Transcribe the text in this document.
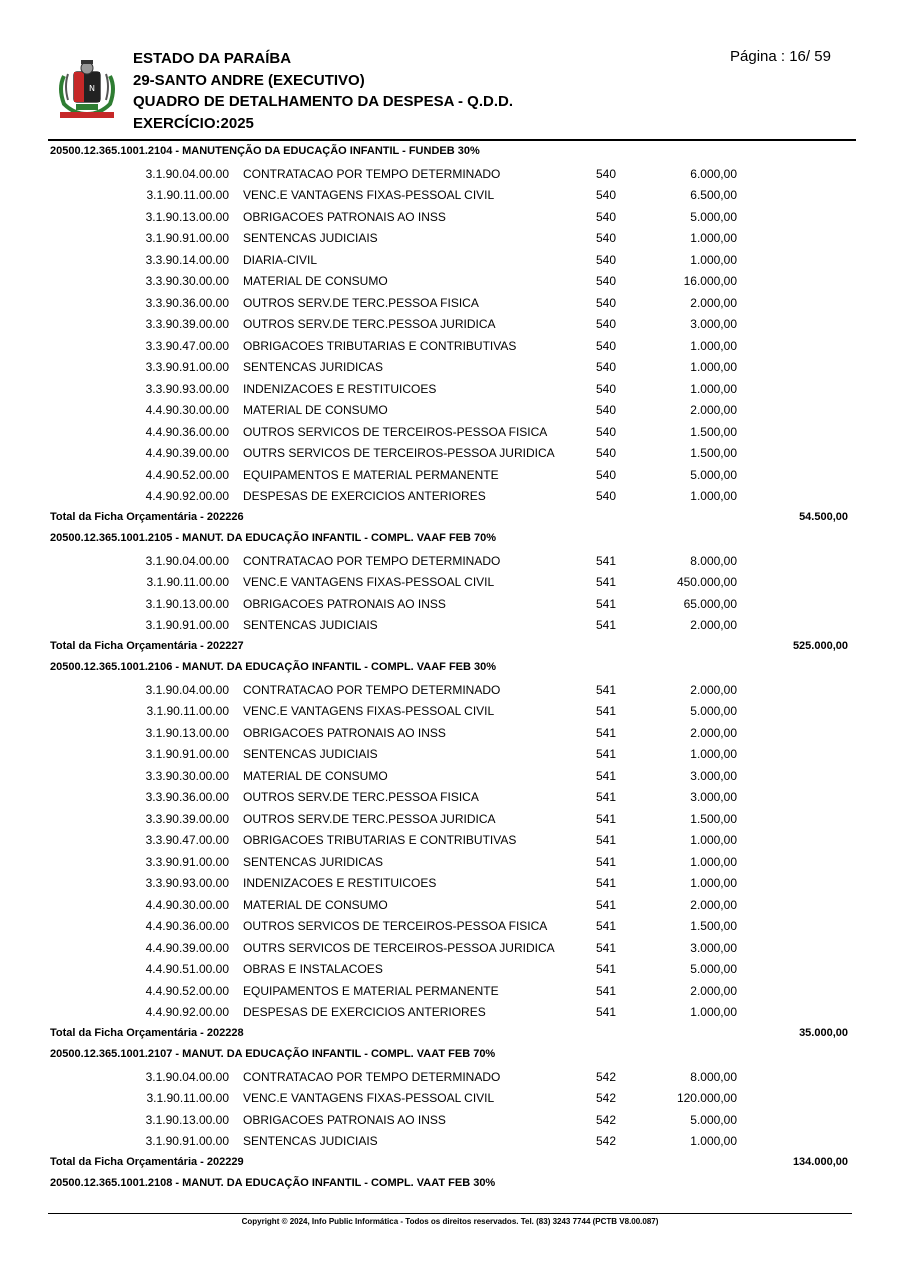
N
ESTADO DA PARAÍBA
29-SANTO ANDRE (EXECUTIVO)
QUADRO DE DETALHAMENTO DA DESPESA - Q.D.D.
EXERCÍCIO:2025
Página : 16/ 59
20500.12.365.1001.2104 - MANUTENÇÃO DA EDUCAÇÃO INFANTIL - FUNDEB 30%
3.1.90.04.00.00 CONTRATACAO POR TEMPO DETERMINADO	540	6.000,00
3.1.90.11.00.00 VENC.E VANTAGENS FIXAS-PESSOAL CIVIL	540	6.500,00
3.1.90.13.00.00 OBRIGACOES PATRONAIS AO INSS	540	5.000,00
3.1.90.91.00.00 SENTENCAS JUDICIAIS	540	1.000,00
3.3.90.14.00.00 DIARIA-CIVIL	540	1.000,00
3.3.90.30.00.00 MATERIAL DE CONSUMO	540	16.000,00
3.3.90.36.00.00 OUTROS SERV.DE TERC.PESSOA FISICA	540	2.000,00
3.3.90.39.00.00 OUTROS SERV.DE TERC.PESSOA JURIDICA	540	3.000,00
3.3.90.47.00.00 OBRIGACOES TRIBUTARIAS E CONTRIBUTIVAS	540	1.000,00
3.3.90.91.00.00 SENTENCAS JURIDICAS	540	1.000,00
3.3.90.93.00.00 INDENIZACOES E RESTITUICOES	540	1.000,00
4.4.90.30.00.00 MATERIAL DE CONSUMO	540	2.000,00
4.4.90.36.00.00 OUTROS SERVICOS DE TERCEIROS-PESSOA FISICA	540	1.500,00
4.4.90.39.00.00 OUTRS SERVICOS DE TERCEIROS-PESSOA JURIDICA	540	1.500,00
4.4.90.52.00.00 EQUIPAMENTOS E MATERIAL PERMANENTE	540	5.000,00
4.4.90.92.00.00 DESPESAS DE EXERCICIOS ANTERIORES	540	1.000,00
Total da Ficha Orçamentária - 202226	54.500,00
20500.12.365.1001.2105 - MANUT. DA EDUCAÇÃO INFANTIL - COMPL. VAAF FEB 70%
3.1.90.04.00.00 CONTRATACAO POR TEMPO DETERMINADO	541	8.000,00
3.1.90.11.00.00 VENC.E VANTAGENS FIXAS-PESSOAL CIVIL	541	450.000,00
3.1.90.13.00.00 OBRIGACOES PATRONAIS AO INSS	541	65.000,00
3.1.90.91.00.00 SENTENCAS JUDICIAIS	541	2.000,00
Total da Ficha Orçamentária - 202227	525.000,00
20500.12.365.1001.2106 - MANUT. DA EDUCAÇÃO INFANTIL - COMPL. VAAF FEB 30%
3.1.90.04.00.00 CONTRATACAO POR TEMPO DETERMINADO	541	2.000,00
3.1.90.11.00.00 VENC.E VANTAGENS FIXAS-PESSOAL CIVIL	541	5.000,00
3.1.90.13.00.00 OBRIGACOES PATRONAIS AO INSS	541	2.000,00
3.1.90.91.00.00 SENTENCAS JUDICIAIS	541	1.000,00
3.3.90.30.00.00 MATERIAL DE CONSUMO	541	3.000,00
3.3.90.36.00.00 OUTROS SERV.DE TERC.PESSOA FISICA	541	3.000,00
3.3.90.39.00.00 OUTROS SERV.DE TERC.PESSOA JURIDICA	541	1.500,00
3.3.90.47.00.00 OBRIGACOES TRIBUTARIAS E CONTRIBUTIVAS	541	1.000,00
3.3.90.91.00.00 SENTENCAS JURIDICAS	541	1.000,00
3.3.90.93.00.00 INDENIZACOES E RESTITUICOES	541	1.000,00
4.4.90.30.00.00 MATERIAL DE CONSUMO	541	2.000,00
4.4.90.36.00.00 OUTROS SERVICOS DE TERCEIROS-PESSOA FISICA	541	1.500,00
4.4.90.39.00.00 OUTRS SERVICOS DE TERCEIROS-PESSOA JURIDICA	541	3.000,00
4.4.90.51.00.00 OBRAS E INSTALACOES	541	5.000,00
4.4.90.52.00.00 EQUIPAMENTOS E MATERIAL PERMANENTE	541	2.000,00
4.4.90.92.00.00 DESPESAS DE EXERCICIOS ANTERIORES	541	1.000,00
Total da Ficha Orçamentária - 202228	35.000,00
20500.12.365.1001.2107 - MANUT. DA EDUCAÇÃO INFANTIL - COMPL. VAAT FEB 70%
3.1.90.04.00.00 CONTRATACAO POR TEMPO DETERMINADO	542	8.000,00
3.1.90.11.00.00 VENC.E VANTAGENS FIXAS-PESSOAL CIVIL	542	120.000,00
3.1.90.13.00.00 OBRIGACOES PATRONAIS AO INSS	542	5.000,00
3.1.90.91.00.00 SENTENCAS JUDICIAIS	542	1.000,00
Total da Ficha Orçamentária - 202229	134.000,00
20500.12.365.1001.2108 - MANUT. DA EDUCAÇÃO INFANTIL - COMPL. VAAT FEB 30%
Copyright © 2024, Info Public Informática - Todos os direitos reservados. Tel. (83) 3243 7744 (PCTB V8.00.087)
